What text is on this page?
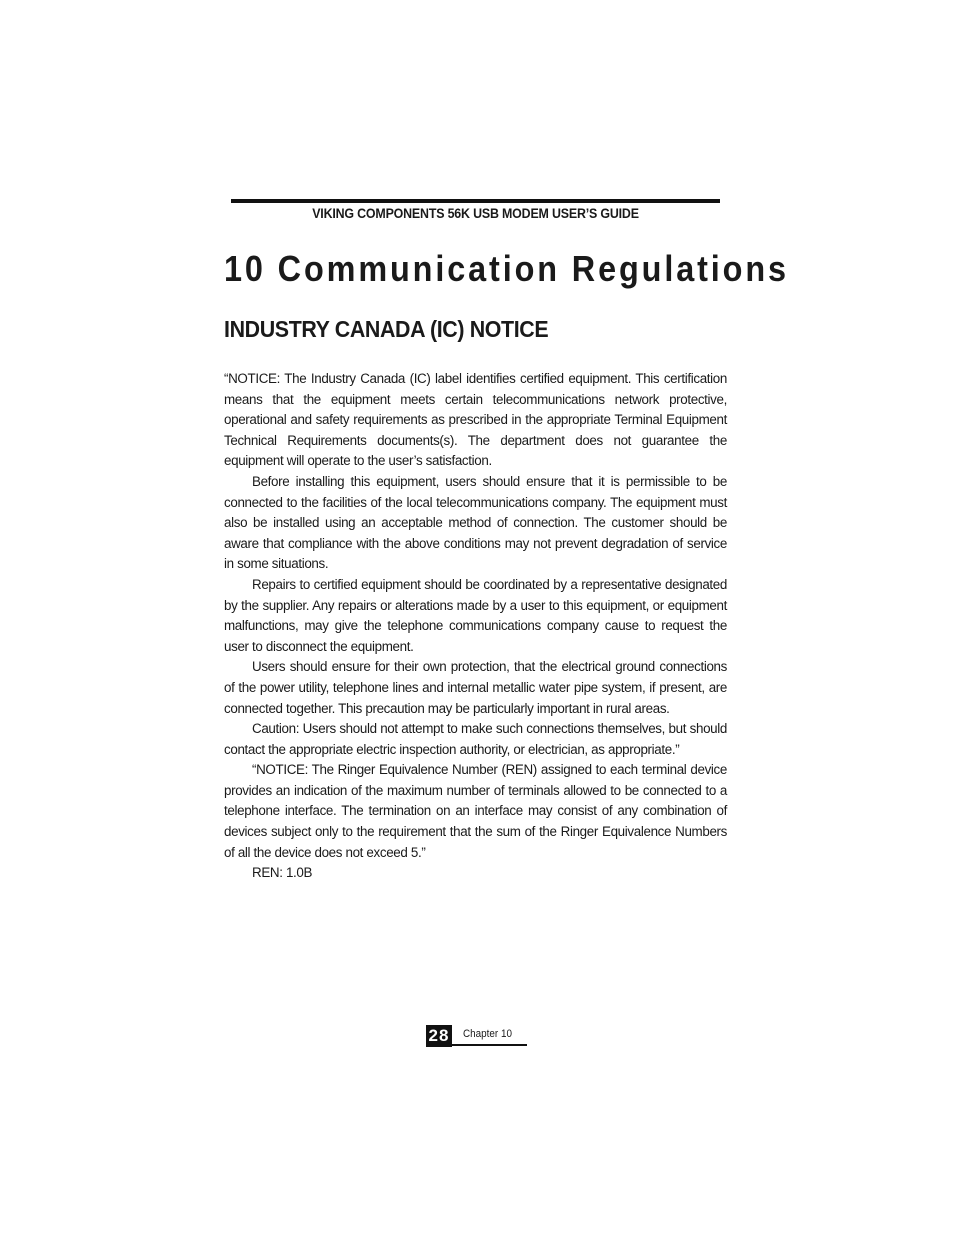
VIKING COMPONENTS 56K USB MODEM USER’S GUIDE
10 Communication Regulations
INDUSTRY CANADA (IC) NOTICE

“NOTICE: The Industry Canada (IC) label identifies certified equipment. This certification means that the equipment meets certain telecommunications network protective, operational and safety requirements as prescribed in the appropriate Terminal Equipment Technical Requirements documents(s). The department does not guarantee the equipment will operate to the user’s satisfaction.

Before installing this equipment, users should ensure that it is permissible to be connected to the facilities of the local telecommunications company. The equipment must also be installed using an acceptable method of connection. The customer should be aware that compliance with the above conditions may not prevent degradation of service in some situations.

Repairs to certified equipment should be coordinated by a representative designated by the supplier. Any repairs or alterations made by a user to this equipment, or equipment malfunctions, may give the telephone communications company cause to request the user to disconnect the equipment.

Users should ensure for their own protection, that the electrical ground connections of the power utility, telephone lines and internal metallic water pipe system, if present, are connected together. This precaution may be particularly important in rural areas.

Caution: Users should not attempt to make such connections themselves, but should contact the appropriate electric inspection authority, or electrician, as appropriate.”

“NOTICE: The Ringer Equivalence Number (REN) assigned to each terminal device provides an indication of the maximum number of terminals allowed to be connected to a telephone interface. The termination on an interface may consist of any combination of devices subject only to the requirement that the sum of the Ringer Equivalence Numbers of all the device does not exceed 5.”

REN: 1.0B

28 Chapter 10
